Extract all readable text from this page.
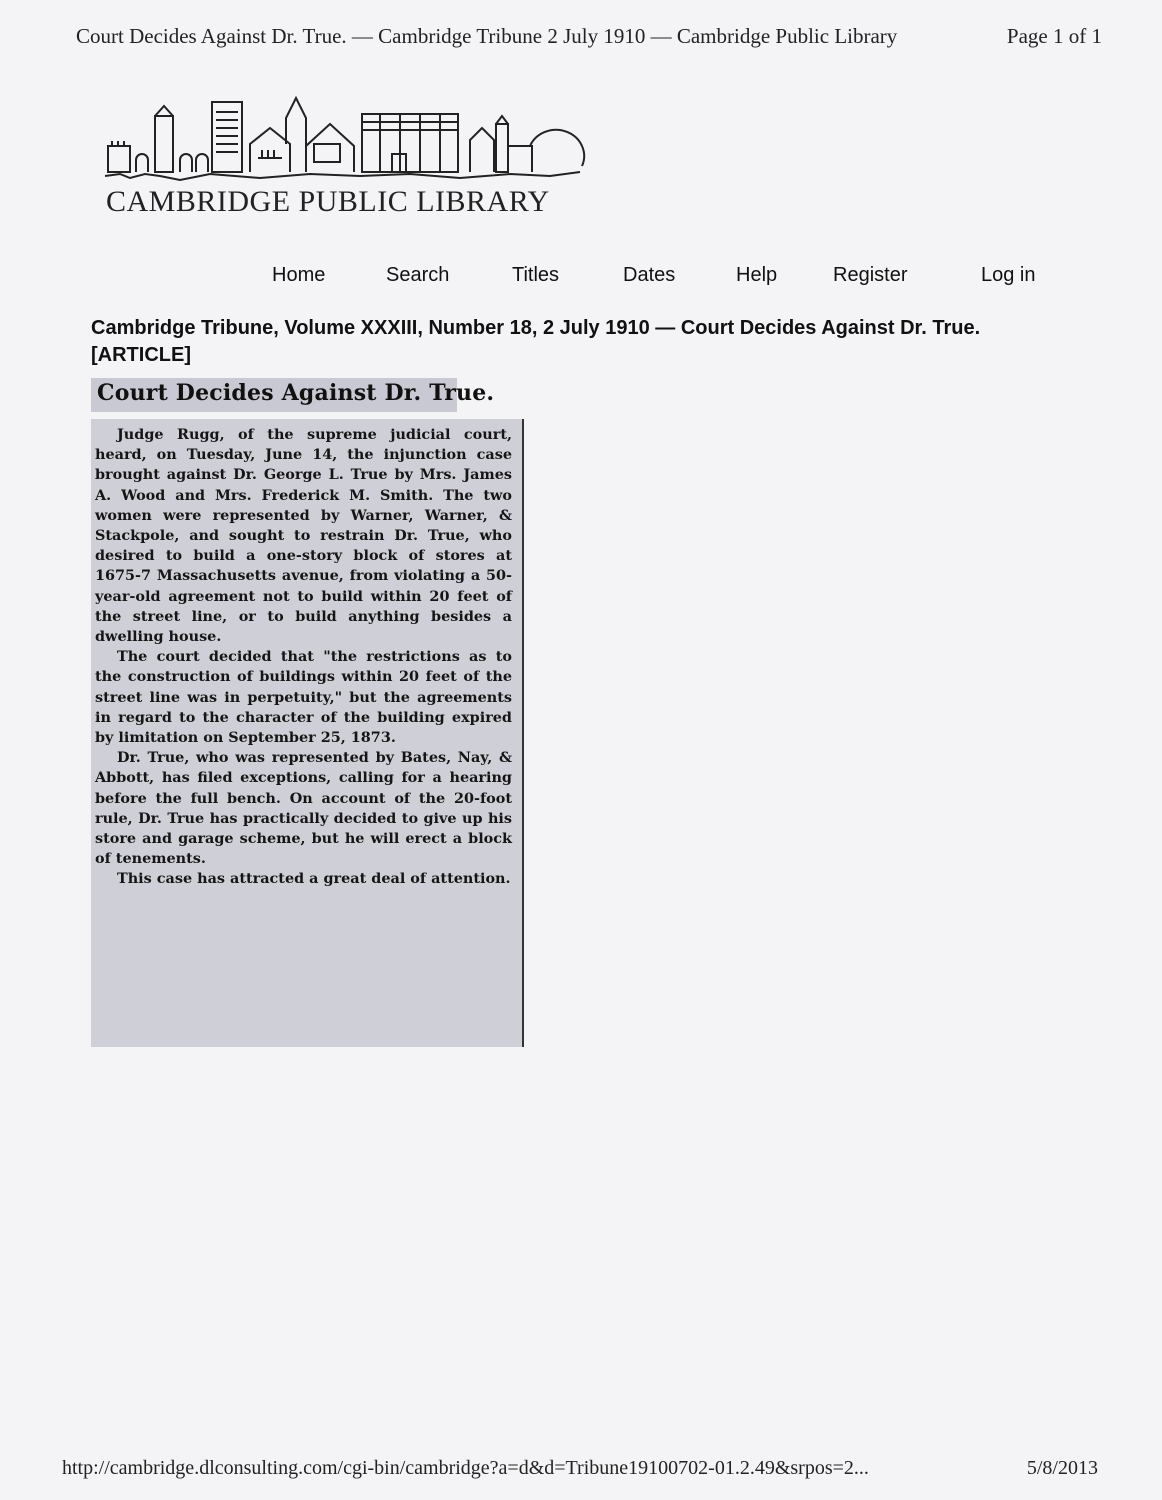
Court Decides Against Dr. True. — Cambridge Tribune 2 July 1910 — Cambridge Public Library	Page 1 of 1
CAMBRIDGE PUBLIC LIBRARY
Home	Search	Titles	Dates	Help	Register	Log in
Cambridge Tribune, Volume XXXIII, Number 18, 2 July 1910 — Court Decides Against Dr. True. [ARTICLE]
Court Decides Against Dr. True.

Judge Rugg, of the supreme judicial court, heard, on Tuesday, June 14, the injunction case brought against Dr. George L. True by Mrs. James A. Wood and Mrs. Frederick M. Smith. The two women were represented by Warner, Warner, & Stackpole, and sought to restrain Dr. True, who desired to build a one-story block of stores at 1675-7 Massachusetts avenue, from violating a 50-year-old agreement not to build within 20 feet of the street line, or to build anything besides a dwelling house.

The court decided that "the restrictions as to the construction of buildings within 20 feet of the street line was in perpetuity," but the agreements in regard to the character of the building expired by limitation on September 25, 1873.

Dr. True, who was represented by Bates, Nay, & Abbott, has filed exceptions, calling for a hearing before the full bench. On account of the 20-foot rule, Dr. True has practically decided to give up his store and garage scheme, but he will erect a block of tenements.

This case has attracted a great deal of attention.

http://cambridge.dlconsulting.com/cgi-bin/cambridge?a=d&d=Tribune19100702-01.2.49&srpos=2...	5/8/2013
